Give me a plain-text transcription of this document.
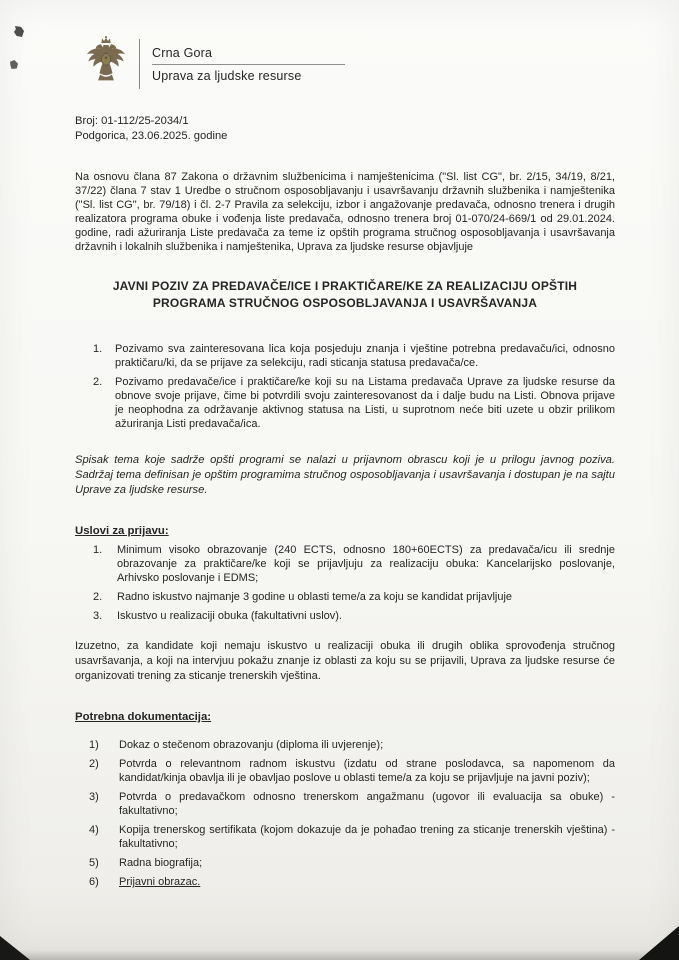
Crna Gora
Uprava za ljudske resurse
Broj: 01-112/25-2034/1
Podgorica, 23.06.2025. godine

Na osnovu člana 87 Zakona o državnim službenicima i namještenicima ("Sl. list CG", br. 2/15, 34/19, 8/21, 37/22) člana 7 stav 1 Uredbe o stručnom osposobljavanju i usavršavanju državnih službenika i namještenika ("Sl. list CG", br. 79/18) i čl. 2-7 Pravila za selekciju, izbor i angažovanje predavača, odnosno trenera i drugih realizatora programa obuke i vođenja liste predavača, odnosno trenera broj 01-070/24-669/1 od 29.01.2024. godine, radi ažuriranja Liste predavača za teme iz opštih programa stručnog osposobljavanja i usavršavanja državnih i lokalnih službenika i namještenika, Uprava za ljudske resurse objavljuje

JAVNI POZIV ZA PREDAVAČE/ICE I PRAKTIČARE/KE ZA REALIZACIJU OPŠTIH PROGRAMA STRUČNOG OSPOSOBLJAVANJA I USAVRŠAVANJA
1.	Pozivamo sva zainteresovana lica koja posjeduju znanja i vještine potrebna predavaču/ici, odnosno praktičaru/ki, da se prijave za selekciju, radi sticanja statusa predavača/ce.
2.	Pozivamo predavače/ice i praktičare/ke koji su na Listama predavača Uprave za ljudske resurse da obnove svoje prijave, čime bi potvrdili svoju zainteresovanost da i dalje budu na Listi. Obnova prijave je neophodna za održavanje aktivnog statusa na Listi, u suprotnom neće biti uzete u obzir prilikom ažuriranja Listi predavača/ica.

Spisak tema koje sadrže opšti programi se nalazi u prijavnom obrascu koji je u prilogu javnog poziva. Sadržaj tema definisan je opštim programima stručnog osposobljavanja i usavršavanja i dostupan je na sajtu Uprave za ljudske resurse.

Uslovi za prijavu:
1.	Minimum visoko obrazovanje (240 ECTS, odnosno 180+60ECTS) za predavača/icu ili srednje obrazovanje za praktičare/ke koji se prijavljuju za realizaciju obuka: Kancelarijsko poslovanje, Arhivsko poslovanje i EDMS;
2.	Radno iskustvo najmanje 3 godine u oblasti teme/a za koju se kandidat prijavljuje
3.	Iskustvo u realizaciji obuka (fakultativni uslov).

Izuzetno, za kandidate koji nemaju iskustvo u realizaciji obuka ili drugih oblika sprovođenja stručnog usavršavanja, a koji na intervjuu pokažu znanje iz oblasti za koju su se prijavili, Uprava za ljudske resurse će organizovati trening za sticanje trenerskih vještina.

Potrebna dokumentacija:
1)	Dokaz o stečenom obrazovanju (diploma ili uvjerenje);
2)	Potvrda o relevantnom radnom iskustvu (izdatu od strane poslodavca, sa napomenom da kandidat/kinja obavlja ili je obavljao poslove u oblasti teme/a za koju se prijavljuje na javni poziv);
3)	Potvrda o predavačkom odnosno trenerskom angažmanu (ugovor ili evaluacija sa obuke) - fakultativno;
4)	Kopija trenerskog sertifikata (kojom dokazuje da je pohađao trening za sticanje trenerskih vještina) - fakultativno;
5)	Radna biografija;
6)	Prijavni obrazac.
